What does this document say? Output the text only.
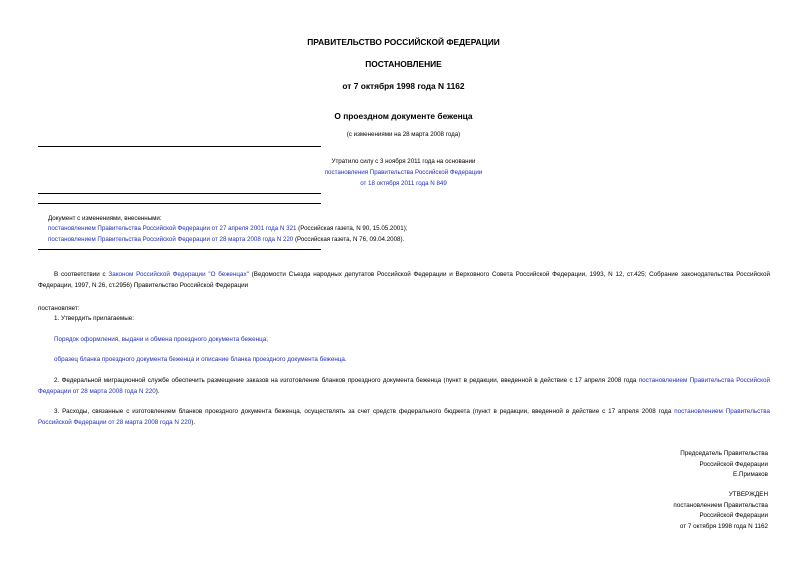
ПРАВИТЕЛЬСТВО РОССИЙСКОЙ ФЕДЕРАЦИИ
ПОСТАНОВЛЕНИЕ
от 7 октября 1998 года N 1162
О проездном документе беженца
(с изменениями на 28 марта 2008 года)
Утратило силу с 3 ноября 2011 года на основании
постановления Правительства Российской Федерации
от 18 октября 2011 года N 849
Документ с изменениями, внесенными:
постановлением Правительства Российской Федерации от 27 апреля 2001 года N 321 (Российская газета, N 90, 15.05.2001);
постановлением Правительства Российской Федерации от 28 марта 2008 года N 220 (Российская газета, N 76, 09.04.2008).
В соответствии с Законом Российской Федерации "О беженцах" (Ведомости Съезда народных депутатов Российской Федерации и Верховного Совета Российской Федерации, 1993, N 12, ст.425; Собрание законодательства Российской Федерации, 1997, N 26, ст.2956) Правительство Российской Федерации
постановляет:
1. Утвердить прилагаемые:
Порядок оформления, выдачи и обмена проездного документа беженца;
образец бланка проездного документа беженца и описание бланка проездного документа беженца.
2. Федеральной миграционной службе обеспечить размещение заказов на изготовление бланков проездного документа беженца (пункт в редакции, введенной в действие с 17 апреля 2008 года постановлением Правительства Российской Федерации от 28 марта 2008 года N 220).
3. Расходы, связанные с изготовлением бланков проездного документа беженца, осуществлять за счет средств федерального бюджета (пункт в редакции, введенной в действие с 17 апреля 2008 года постановлением Правительства Российской Федерации от 28 марта 2008 года N 220).
Председатель Правительства
Российской Федерации
Е.Примаков
УТВЕРЖДЕН
постановлением Правительства
Российской Федерации
от 7 октября 1998 года N 1162
